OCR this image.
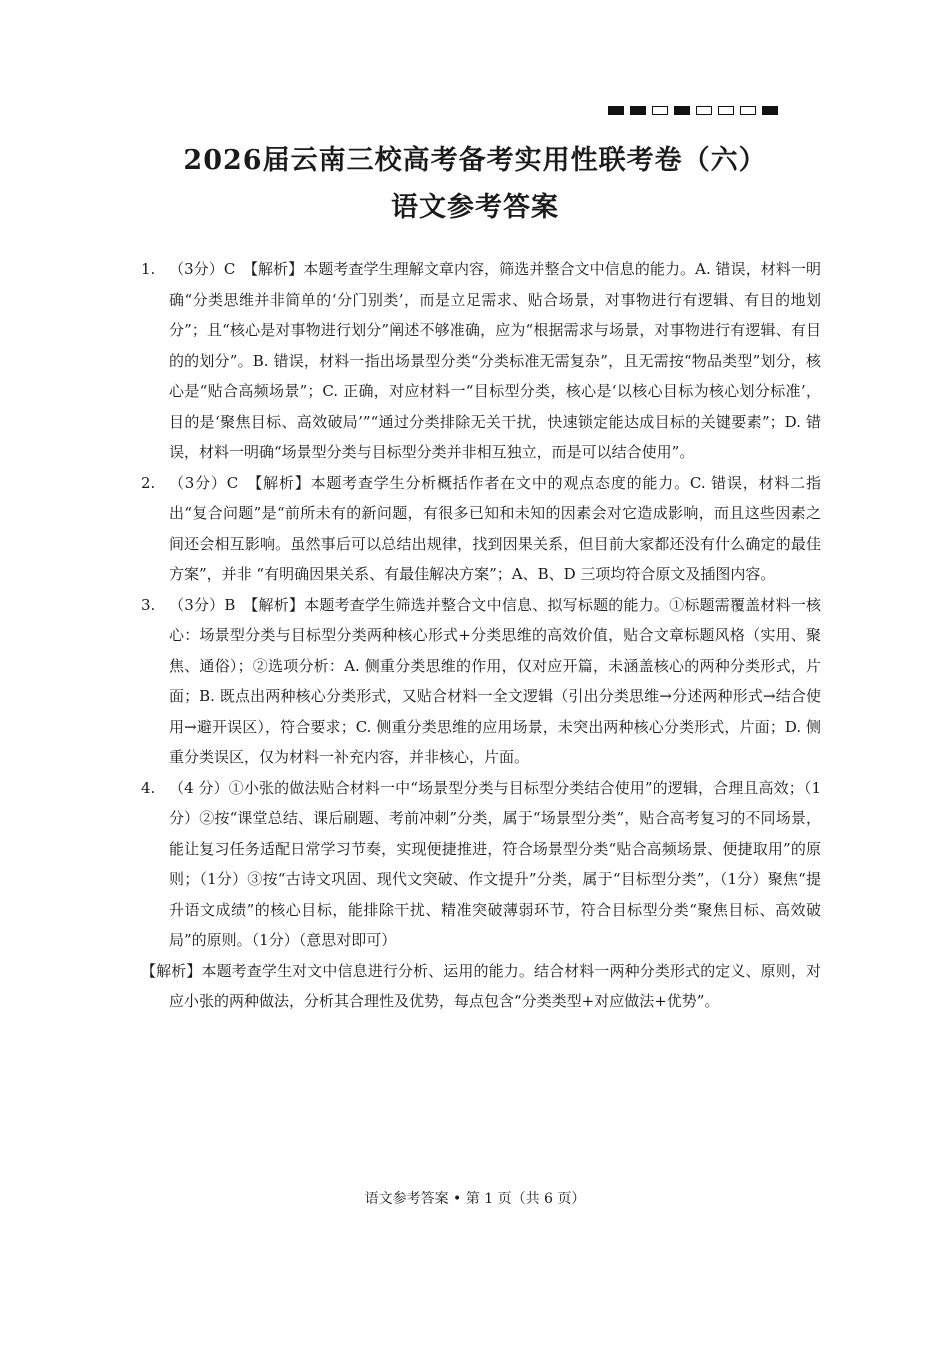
2026届云南三校高考备考实用性联考卷（六）
语文参考答案

1. （3分）C　【解析】本题考查学生理解文章内容，筛选并整合文中信息的能力。A. 错误，材料一明确“分类思维并非简单的‘分门别类’，而是立足需求、贴合场景，对事物进行有逻辑、有目的地划分”；且“核心是对事物进行划分”阐述不够准确，应为“根据需求与场景，对事物进行有逻辑、有目的的划分”。B. 错误，材料一指出场景型分类“分类标准无需复杂”，且无需按“物品类型”划分，核心是“贴合高频场景”；C. 正确，对应材料一“目标型分类，核心是‘以核心目标为核心划分标准’，目的是‘聚焦目标、高效破局’”“通过分类排除无关干扰，快速锁定能达成目标的关键要素”；D. 错误，材料一明确“场景型分类与目标型分类并非相互独立，而是可以结合使用”。

2. （3分）C　【解析】本题考查学生分析概括作者在文中的观点态度的能力。C. 错误，材料二指出“复合问题”是“前所未有的新问题，有很多已知和未知的因素会对它造成影响，而且这些因素之间还会相互影响。虽然事后可以总结出规律，找到因果关系，但目前大家都还没有什么确定的最佳方案”，并非 “有明确因果关系、有最佳解决方案”；A、B、D 三项均符合原文及插图内容。

3. （3分）B　【解析】本题考查学生筛选并整合文中信息、拟写标题的能力。①标题需覆盖材料一核心：场景型分类与目标型分类两种核心形式+分类思维的高效价值，贴合文章标题风格（实用、聚焦、通俗）；②选项分析：A. 侧重分类思维的作用，仅对应开篇，未涵盖核心的两种分类形式，片面；B. 既点出两种核心分类形式，又贴合材料一全文逻辑（引出分类思维→分述两种形式→结合使用→避开误区），符合要求；C. 侧重分类思维的应用场景，未突出两种核心分类形式，片面；D. 侧重分类误区，仅为材料一补充内容，并非核心，片面。

4. （4 分）①小张的做法贴合材料一中“场景型分类与目标型分类结合使用”的逻辑，合理且高效；（1 分）②按“课堂总结、课后刷题、考前冲刺”分类，属于“场景型分类”，贴合高考复习的不同场景，能让复习任务适配日常学习节奏，实现便捷推进，符合场景型分类“贴合高频场景、便捷取用”的原则；（1分）③按“古诗文巩固、现代文突破、作文提升”分类，属于“目标型分类”，（1分）聚焦“提升语文成绩”的核心目标，能排除干扰、精准突破薄弱环节，符合目标型分类“聚焦目标、高效破局”的原则。（1分）（意思对即可）

【解析】本题考查学生对文中信息进行分析、运用的能力。结合材料一两种分类形式的定义、原则，对应小张的两种做法，分析其合理性及优势，每点包含“分类类型+对应做法+优势”。

语文参考答案 • 第 1 页（共 6 页）
